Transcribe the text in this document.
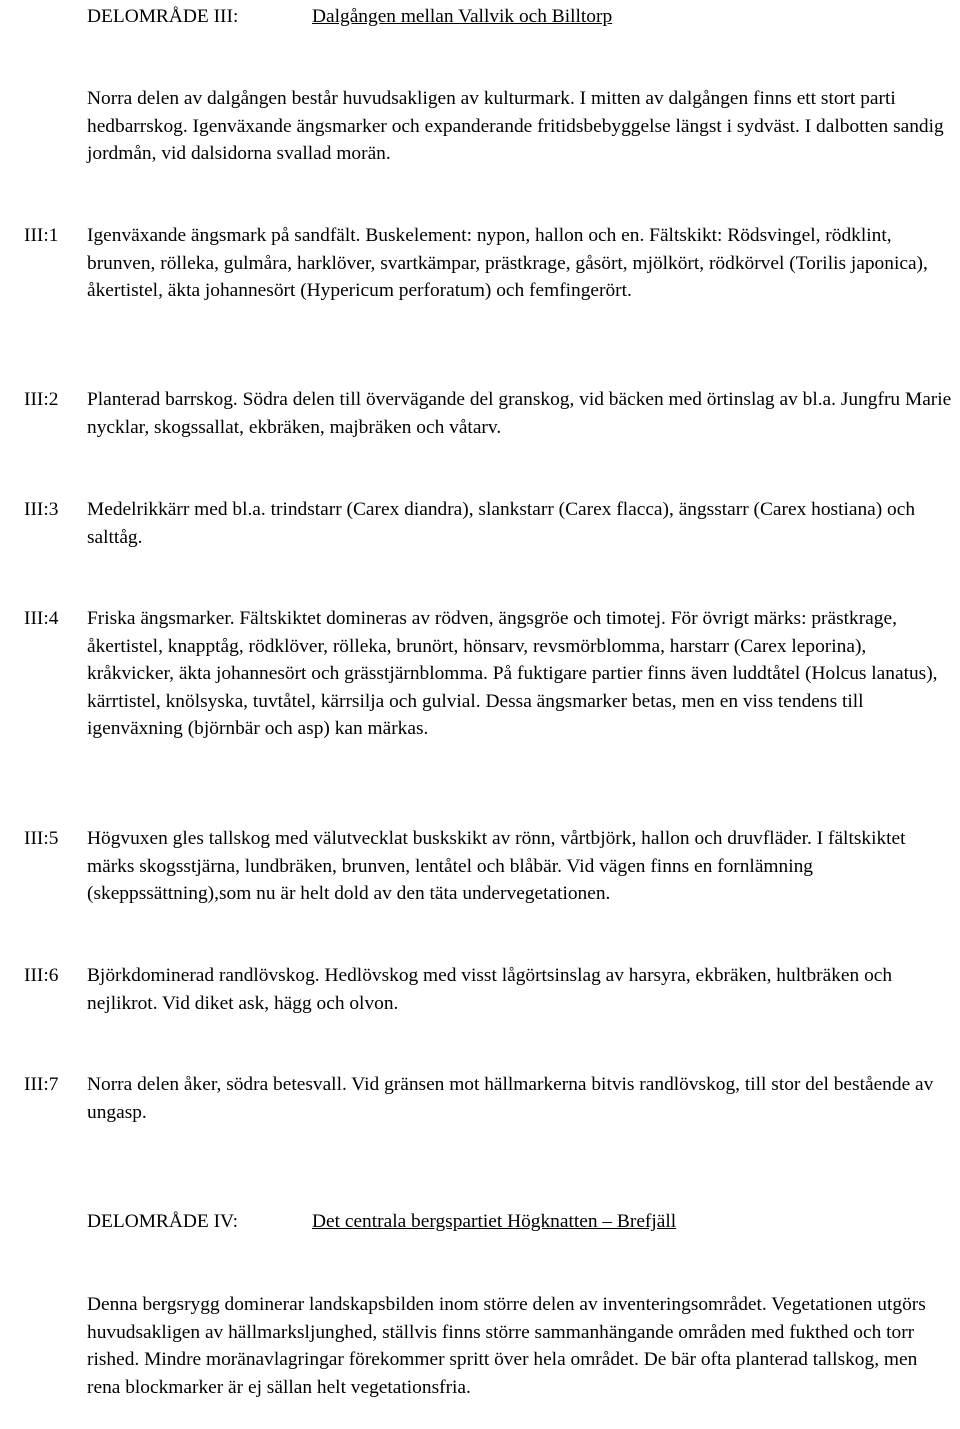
DELOMRÅDE III:	Dalgången mellan Vallvik och Billtorp

Norra delen av dalgången består huvudsakligen av kulturmark. I mitten av dalgången finns ett stort parti hedbarrskog. Igenväxande ängsmarker och expanderande fritidsbebyggelse längst i sydväst. I dalbotten sandig jordmån, vid dalsidorna svallad morän.

III:1 Igenväxande ängsmark på sandfält. Buskelement: nypon, hallon och en. Fältskikt: Rödsvingel, rödklint, brunven, rölleka, gulmåra, harklöver, svartkämpar, prästkrage, gåsört, mjölkört, rödkörvel (Torilis japonica), åkertistel, äkta johannesört (Hypericum perforatum) och femfingerört.

III:2 Planterad barrskog. Södra delen till övervägande del granskog, vid bäcken med örtinslag av bl.a. Jungfru Marie nycklar, skogssallat, ekbräken, majbräken och våtarv.

III:3 Medelrikkärr med bl.a. trindstarr (Carex diandra), slankstarr (Carex flacca), ängsstarr (Carex hostiana) och salttåg.

III:4 Friska ängsmarker. Fältskiktet domineras av rödven, ängsgröe och timotej. För övrigt märks: prästkrage, åkertistel, knapptåg, rödklöver, rölleka, brunört, hönsarv, revsmörblomma, harstarr (Carex leporina), kråkvicker, äkta johannesört och grässtjärnblomma. På fuktigare partier finns även luddtåtel (Holcus lanatus), kärrtistel, knölsyska, tuvtåtel, kärrsilja och gulvial. Dessa ängsmarker betas, men en viss tendens till igenväxning (björnbär och asp) kan märkas.

III:5 Högvuxen gles tallskog med välutvecklat buskskikt av rönn, vårtbjörk, hallon och druvfläder. I fältskiktet märks skogsstjärna, lundbräken, brunven, lentåtel och blåbär. Vid vägen finns en fornlämning (skeppssättning),som nu är helt dold av den täta undervegetationen.

III:6 Björkdominerad randlövskog. Hedlövskog med visst lågörtsinslag av harsyra, ekbräken, hultbräken och nejlikrot. Vid diket ask, hägg och olvon.

III:7 Norra delen åker, södra betesvall. Vid gränsen mot hällmarkerna bitvis randlövskog, till stor del bestående av ungasp.

DELOMRÅDE IV:	Det centrala bergspartiet Högknatten – Brefjäll

Denna bergsrygg dominerar landskapsbilden inom större delen av inventeringsområdet. Vegetationen utgörs huvudsakligen av hällmarksljunghed, ställvis finns större sammanhängande områden med fukthed och torr rished. Mindre moränavlagringar förekommer spritt över hela området. De bär ofta planterad tallskog, men rena blockmarker är ej sällan helt vegetationsfria.
